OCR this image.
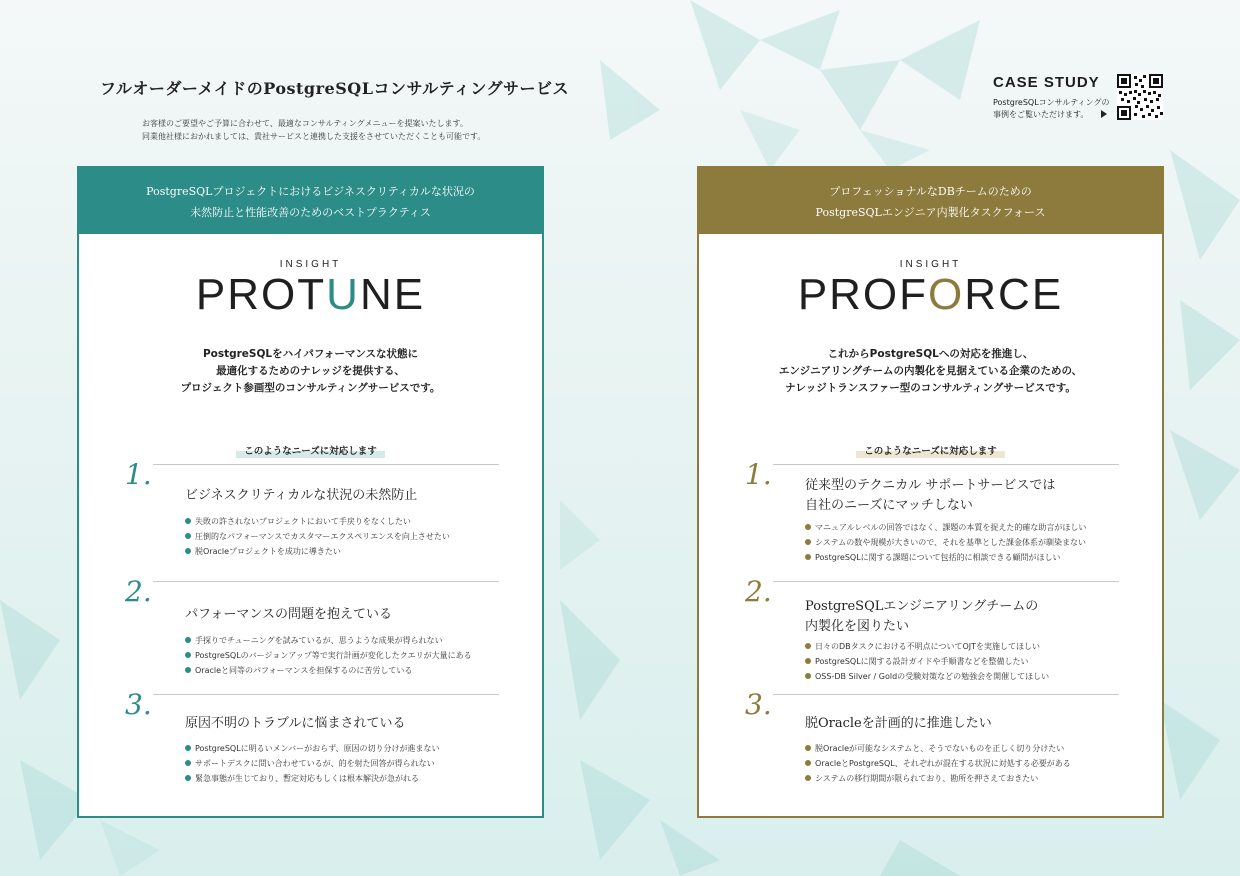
フルオーダーメイドのPostgreSQLコンサルティングサービス
お客様のご要望やご予算に合わせて、最適なコンサルティングメニューを提案いたします。
同業他社様におかれましては、貴社サービスと連携した支援をさせていただくことも可能です。
CASE STUDY
PostgreSQLコンサルティングの
事例をご覧いただけます。
PostgreSQLプロジェクトにおけるビジネスクリティカルな状況の
未然防止と性能改善のためのベストプラクティス
INSIGHT
PROTUNE
PostgreSQLをハイパフォーマンスな状態に
最適化するためのナレッジを提供する、
プロジェクト参画型のコンサルティングサービスです。
このようなニーズに対応します
1.
ビジネスクリティカルな状況の未然防止
失敗の許されないプロジェクトにおいて手戻りをなくしたい
圧倒的なパフォーマンスでカスタマーエクスペリエンスを向上させたい
脱Oracleプロジェクトを成功に導きたい
2.
パフォーマンスの問題を抱えている
手探りでチューニングを試みているが、思うような成果が得られない
PostgreSQLのバージョンアップ等で実行計画が変化したクエリが大量にある
Oracleと同等のパフォーマンスを担保するのに苦労している
3.
原因不明のトラブルに悩まされている
PostgreSQLに明るいメンバーがおらず、原因の切り分けが進まない
サポートデスクに問い合わせているが、的を射た回答が得られない
緊急事態が生じており、暫定対応もしくは根本解決が急がれる
プロフェッショナルなDBチームのための
PostgreSQLエンジニア内製化タスクフォース
INSIGHT
PROFORCE
これからPostgreSQLへの対応を推進し、
エンジニアリングチームの内製化を見据えている企業のための、
ナレッジトランスファー型のコンサルティングサービスです。
このようなニーズに対応します
1.	従来型のテクニカル サポートサービスでは
自社のニーズにマッチしない
マニュアルレベルの回答ではなく、課題の本質を捉えた的確な助言がほしい
システムの数や規模が大きいので、それを基準とした課金体系が馴染まない
PostgreSQLに関する課題について包括的に相談できる顧問がほしい
2.	PostgreSQLエンジニアリングチームの
内製化を図りたい
日々のDBタスクにおける不明点についてOJTを実施してほしい
PostgreSQLに関する設計ガイドや手順書などを整備したい
OSS-DB Silver / Goldの受験対策などの勉強会を開催してほしい
3.
脱Oracleを計画的に推進したい
脱Oracleが可能なシステムと、そうでないものを正しく切り分けたい
OracleとPostgreSQL、それぞれが混在する状況に対処する必要がある
システムの移行期間が限られており、勘所を押さえておきたい
